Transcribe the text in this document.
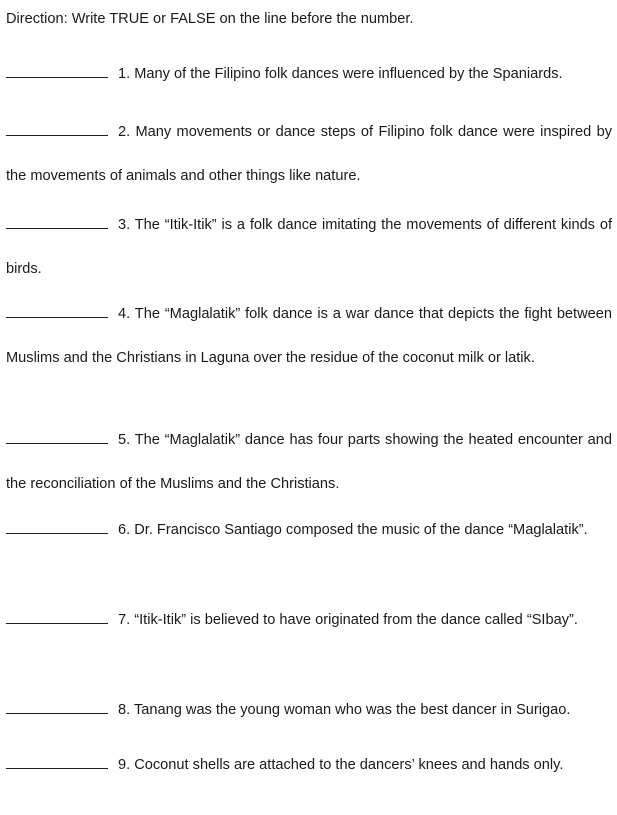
Direction: Write TRUE or FALSE on the line before the number.
1. Many of the Filipino folk dances were influenced by the Spaniards.
2. Many movements or dance steps of Filipino folk dance were inspired by the movements of animals and other things like nature.
3. The “Itik-Itik” is a folk dance imitating the movements of different kinds of birds.
4. The “Maglalatik” folk dance is a war dance that depicts the fight between Muslims and the Christians in Laguna over the residue of the coconut milk or latik.
5. The “Maglalatik” dance has four parts showing the heated encounter and the reconciliation of the Muslims and the Christians.
6. Dr. Francisco Santiago composed the music of the dance “Maglalatik”.
7. “Itik-Itik” is believed to have originated from the dance called “SIbay”.
8. Tanang was the young woman who was the best dancer in Surigao.
9. Coconut shells are attached to the dancers’ knees and hands only.
